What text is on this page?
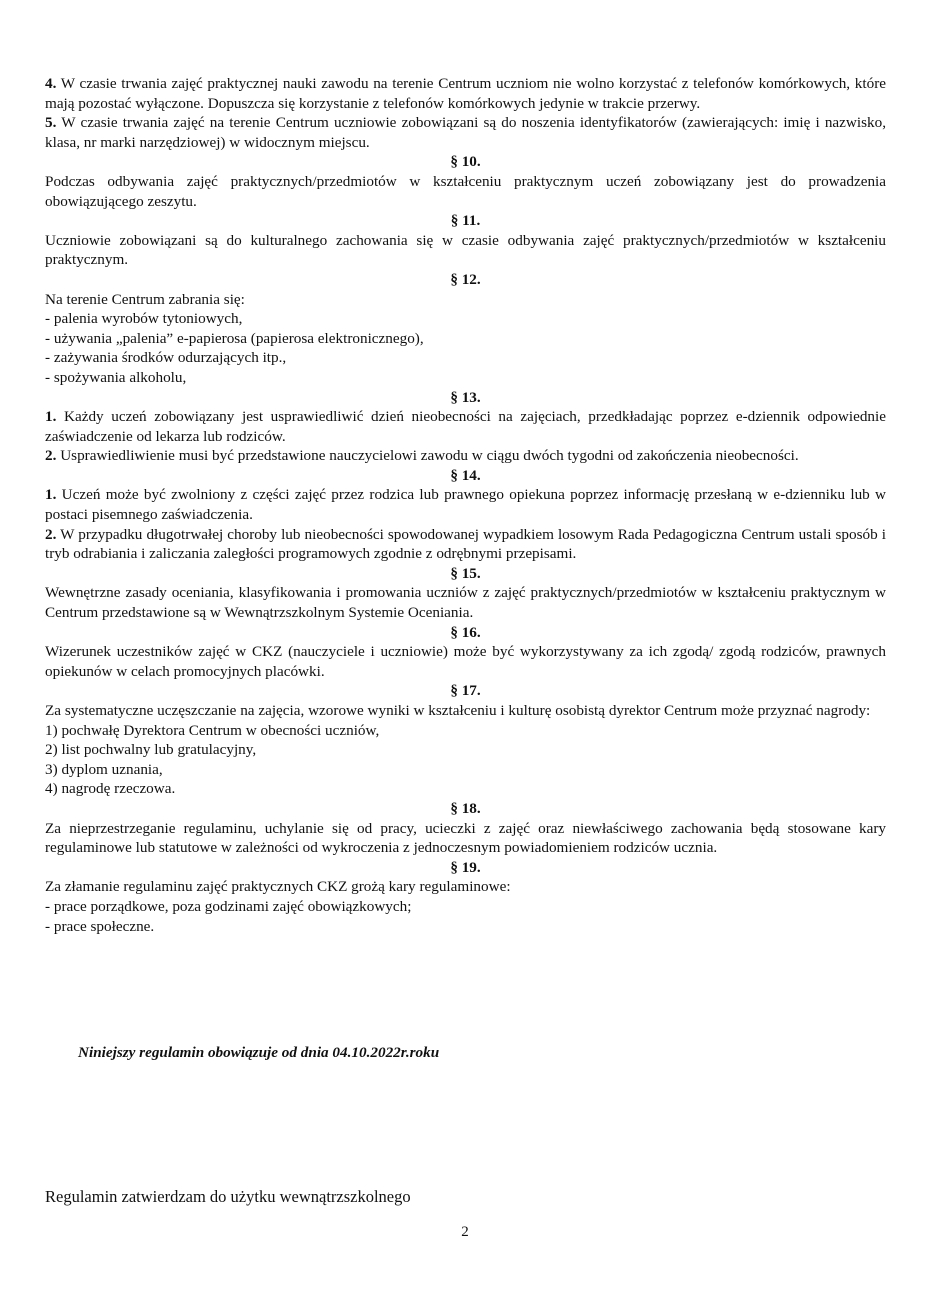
4. W czasie trwania zajęć praktycznej nauki zawodu na terenie Centrum uczniom nie wolno korzystać z telefonów komórkowych, które mają pozostać wyłączone. Dopuszcza się korzystanie z telefonów komórkowych jedynie w trakcie przerwy.

5. W czasie trwania zajęć na terenie Centrum uczniowie zobowiązani są do noszenia identyfikatorów (zawierających: imię i nazwisko, klasa, nr marki narzędziowej) w widocznym miejscu.

§ 10.

Podczas odbywania zajęć praktycznych/przedmiotów w kształceniu praktycznym uczeń zobowiązany jest do prowadzenia obowiązującego zeszytu.

§ 11.

Uczniowie zobowiązani są do kulturalnego zachowania się w czasie odbywania zajęć praktycznych/przedmiotów w kształceniu praktycznym.

§ 12.

Na terenie Centrum zabrania się:

- palenia wyrobów tytoniowych,

- używania „palenia” e-papierosa (papierosa elektronicznego),

- zażywania środków odurzających itp.,

- spożywania alkoholu,

§ 13.

1. Każdy uczeń zobowiązany jest usprawiedliwić dzień nieobecności na zajęciach, przedkładając poprzez e-dziennik odpowiednie zaświadczenie od lekarza lub rodziców.

2. Usprawiedliwienie musi być przedstawione nauczycielowi zawodu w ciągu dwóch tygodni od zakończenia nieobecności.

§ 14.

1. Uczeń może być zwolniony z części zajęć przez rodzica lub prawnego opiekuna poprzez informację przesłaną w e-dzienniku lub w postaci pisemnego zaświadczenia.

2. W przypadku długotrwałej choroby lub nieobecności spowodowanej wypadkiem losowym Rada Pedagogiczna Centrum ustali sposób i tryb odrabiania i zaliczania zaległości programowych zgodnie z odrębnymi przepisami.

§ 15.

Wewnętrzne zasady oceniania, klasyfikowania i promowania uczniów z zajęć praktycznych/przedmiotów w kształceniu praktycznym w Centrum przedstawione są w Wewnątrzszkolnym Systemie Oceniania.

§ 16.

Wizerunek uczestników zajęć w CKZ (nauczyciele i uczniowie) może być wykorzystywany za ich zgodą/ zgodą rodziców, prawnych opiekunów w celach promocyjnych placówki.

§ 17.

Za systematyczne uczęszczanie na zajęcia, wzorowe wyniki w kształceniu i kulturę osobistą dyrektor Centrum może przyznać nagrody:

1) pochwałę Dyrektora Centrum w obecności uczniów,

2) list pochwalny lub gratulacyjny,

3) dyplom uznania,

4) nagrodę rzeczowa.

§ 18.

Za nieprzestrzeganie regulaminu, uchylanie się od pracy, ucieczki z zajęć oraz niewłaściwego zachowania będą stosowane kary regulaminowe lub statutowe w zależności od wykroczenia z jednoczesnym powiadomieniem rodziców ucznia.

§ 19.

Za złamanie regulaminu zajęć praktycznych CKZ grożą kary regulaminowe:

- prace porządkowe, poza godzinami zajęć obowiązkowych;

- prace społeczne.

Niniejszy regulamin obowiązuje od dnia 04.10.2022r.roku
Regulamin zatwierdzam do użytku wewnątrzszkolnego
2
